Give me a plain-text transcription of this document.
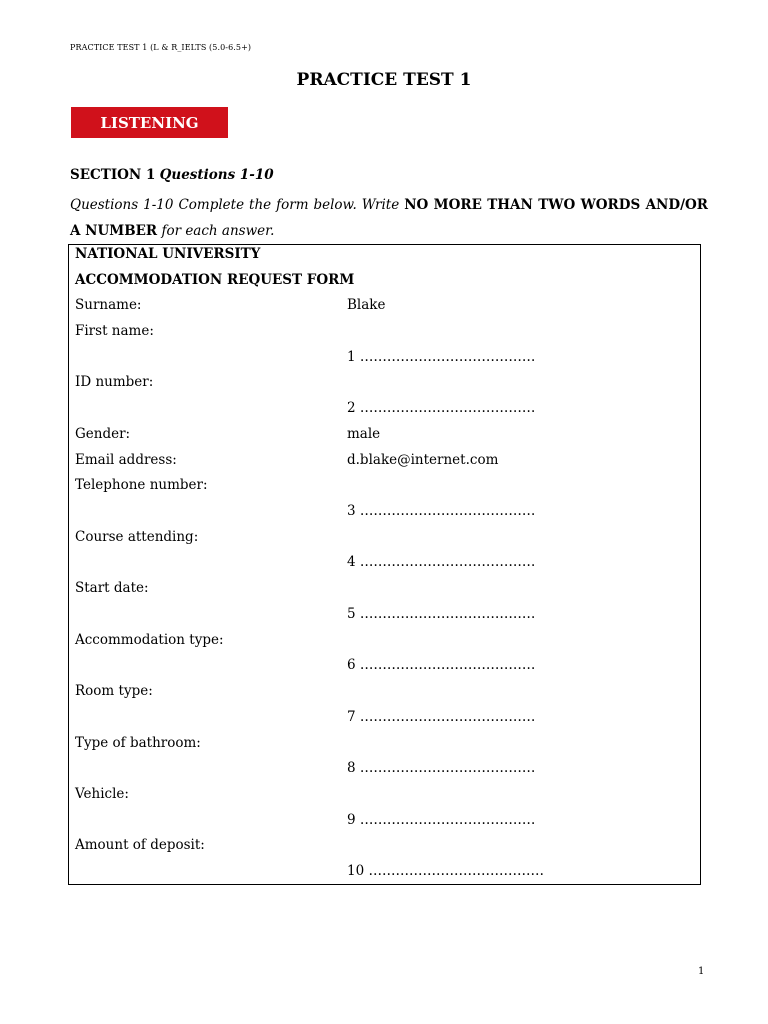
PRACTICE TEST 1 (L & R_IELTS (5.0-6.5+)
PRACTICE TEST 1
LISTENING
SECTION 1 Questions 1-10
Questions 1-10 Complete the form below. Write NO MORE THAN TWO WORDS AND/OR A NUMBER for each answer.
NATIONAL UNIVERSITY
ACCOMMODATION REQUEST FORM
Surname:	Blake
First name:
1 …………………………………
ID number:
2 …………………………………
Gender:	male
Email address:	d.blake@internet.com
Telephone number:
3 …………………………………
Course attending:
4 …………………………………
Start date:
5 …………………………………
Accommodation type:
6 …………………………………
Room type:
7 …………………………………
Type of bathroom:
8 …………………………………
Vehicle:
9 …………………………………
Amount of deposit:
10 …………………………………
1
